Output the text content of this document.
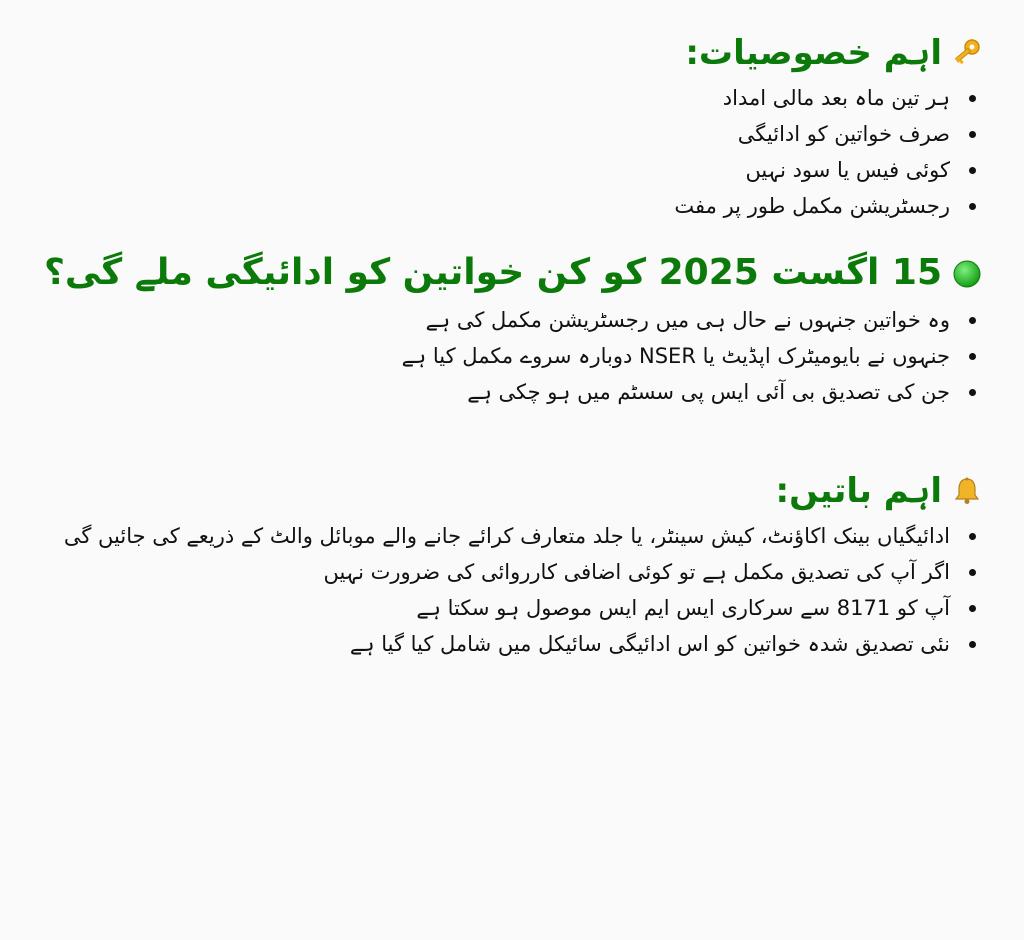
اہم خصوصیات:
ہر تین ماہ بعد مالی امداد
صرف خواتین کو ادائیگی
کوئی فیس یا سود نہیں
رجسٹریشن مکمل طور پر مفت
15 اگست 2025 کو کن خواتین کو ادائیگی ملے گی؟
وہ خواتین جنہوں نے حال ہی میں رجسٹریشن مکمل کی ہے
جنہوں نے بایومیٹرک اپڈیٹ یا NSER دوبارہ سروے مکمل کیا ہے
جن کی تصدیق بی آئی ایس پی سسٹم میں ہو چکی ہے
اہم باتیں:
ادائیگیاں بینک اکاؤنٹ، کیش سینٹر، یا جلد متعارف کرائے جانے والے موبائل والٹ کے ذریعے کی جائیں گی
اگر آپ کی تصدیق مکمل ہے تو کوئی اضافی کارروائی کی ضرورت نہیں
آپ کو 8171 سے سرکاری ایس ایم ایس موصول ہو سکتا ہے
نئی تصدیق شدہ خواتین کو اس ادائیگی سائیکل میں شامل کیا گیا ہے
